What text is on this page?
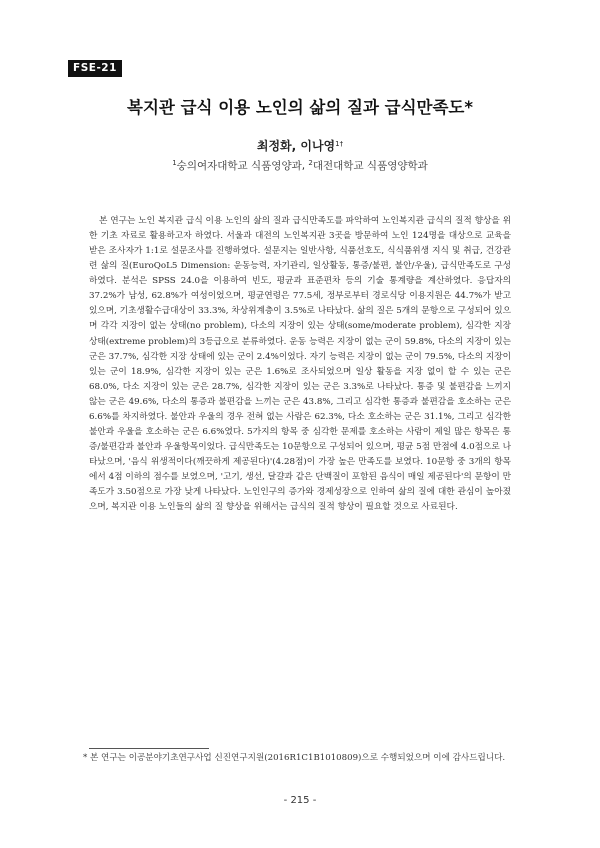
FSE-21
복지관 급식 이용 노인의 삶의 질과 급식만족도*
최정화, 이나영$^{1\dagger}$
$^1$숭의여자대학교 식품영양과, $^2$대전대학교 식품영양학과

본 연구는 노인 복지관 급식 이용 노인의 삶의 질과 급식만족도를 파악하여 노인복지관 급식의 질적 향상을 위한 기초 자료로 활용하고자 하였다. 서울과 대전의 노인복지관 3곳을 방문하여 노인 124명을 대상으로 교육을 받은 조사자가 1:1로 설문조사를 진행하였다. 설문지는 일반사항, 식품선호도, 식식품위생 지식 및 취급, 건강관련 삶의 질(EuroQoL5 Dimension: 운동능력, 자기관리, 일상활동, 통증/불편, 불안/우울), 급식만족도로 구성하였다. 분석은 SPSS 24.0을 이용하여 빈도, 평균과 표준편차 등의 기술 통계량을 계산하였다. 응답자의 37.2%가 남성, 62.8%가 여성이었으며, 평균연령은 77.5세, 정부로부터 경로식당 이용지원은 44.7%가 받고 있으며, 기초생활수급대상이 33.3%, 차상위계층이 3.5%로 나타났다. 삶의 질은 5개의 문항으로 구성되어 있으며 각각 지장이 없는 상태(no problem), 다소의 지장이 있는 상태(some/moderate problem), 심각한 지장 상태(extreme problem)의 3등급으로 분류하였다. 운동 능력은 지장이 없는 군이 59.8%, 다소의 지장이 있는 군은 37.7%, 심각한 지장 상태에 있는 군이 2.4%이었다. 자기 능력은 지장이 없는 군이 79.5%, 다소의 지장이 있는 군이 18.9%, 심각한 지장이 있는 군은 1.6%로 조사되었으며 일상 활동을 지장 없이 할 수 있는 군은 68.0%, 다소 지장이 있는 군은 28.7%, 심각한 지장이 있는 군은 3.3%로 나타났다. 통증 및 불편감을 느끼지 않는 군은 49.6%, 다소의 통증과 불편감을 느끼는 군은 43.8%, 그리고 심각한 통증과 불편감을 호소하는 군은 6.6%를 차지하였다. 불안과 우울의 경우 전혀 없는 사람은 62.3%, 다소 호소하는 군은 31.1%, 그리고 심각한 불안과 우울을 호소하는 군은 6.6%였다. 5가지의 항목 중 심각한 문제를 호소하는 사람이 제일 많은 항목은 통증/불편감과 불안과 우울항목이었다. 급식만족도는 10문항으로 구성되어 있으며, 평균 5점 만점에 4.0점으로 나타났으며, '음식 위생적이다(깨끗하게 제공된다)'(4.28점)이 가장 높은 만족도를 보였다. 10문항 중 3개의 항목에서 4점 이하의 점수를 보였으며, '고기, 생선, 달걀과 같은 단백질이 포함된 음식이 매일 제공된다'의 문항이 만족도가 3.50점으로 가장 낮게 나타났다. 노인인구의 증가와 경제성장으로 인하여 삶의 질에 대한 관심이 높아졌으며, 복지관 이용 노인들의 삶의 질 향상을 위해서는 급식의 질적 향상이 필요할 것으로 사료된다.

* 본 연구는 이공분야기초연구사업 신진연구지원(2016R1C1B1010809)으로 수행되었으며 이에 감사드립니다.
- 215 -
